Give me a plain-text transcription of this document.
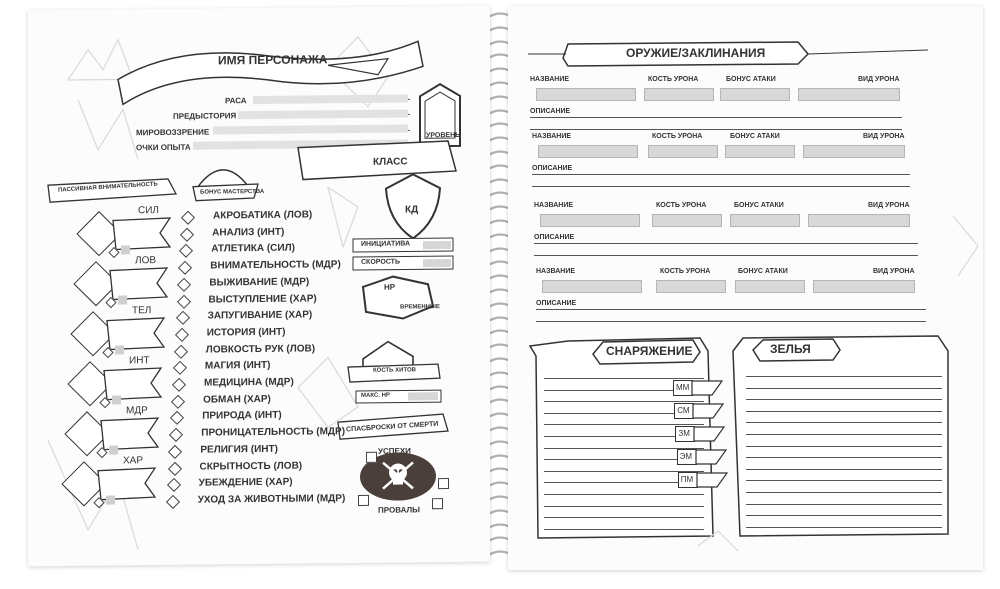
ИМЯ ПЕРСОНАЖА
РАСА
ПРЕДЫСТОРИЯ
МИРОВОЗЗРЕНИЕ
ОЧКИ ОПЫТА
УРОВЕНЬ
КЛАСС
ПАССИВНАЯ ВНИМАТЕЛЬНОСТЬ	БОНУС МАСТЕРСТВА
СИЛ
ЛОВ
ТЕЛ
ИНТ
МДР
ХАР
АКРОБАТИКА (ЛОВ)
АНАЛИЗ (ИНТ)
АТЛЕТИКА (СИЛ)
ВНИМАТЕЛЬНОСТЬ (МДР)
ВЫЖИВАНИЕ (МДР)
ВЫСТУПЛЕНИЕ (ХАР)
ЗАПУГИВАНИЕ (ХАР)
ИСТОРИЯ (ИНТ)
ЛОВКОСТЬ РУК (ЛОВ)
МАГИЯ (ИНТ)
МЕДИЦИНА (МДР)
ОБМАН (ХАР)
ПРИРОДА (ИНТ)
ПРОНИЦАТЕЛЬНОСТЬ (МДР)
РЕЛИГИЯ (ИНТ)
СКРЫТНОСТЬ (ЛОВ)
УБЕЖДЕНИЕ (ХАР)
УХОД ЗА ЖИВОТНЫМИ (МДР)
КД
ИНИЦИАТИВА
СКОРОСТЬ
HP
ВРЕМЕННЫЕ
КОСТЬ ХИТОВ
МАКС. HP
СПАСБРОСКИ ОТ СМЕРТИ
УСПЕХИ
ПРОВАЛЫ
ОРУЖИЕ/ЗАКЛИНАНИЯ
НАЗВАНИЕ	КОСТЬ УРОНА	БОНУС АТАКИ	ВИД УРОНА
ОПИСАНИЕ
НАЗВАНИЕ	КОСТЬ УРОНА	БОНУС АТАКИ	ВИД УРОНА
ОПИСАНИЕ
НАЗВАНИЕ	КОСТЬ УРОНА	БОНУС АТАКИ	ВИД УРОНА
ОПИСАНИЕ
НАЗВАНИЕ	КОСТЬ УРОНА	БОНУС АТАКИ	ВИД УРОНА
ОПИСАНИЕ
СНАРЯЖЕНИЕ	ЗЕЛЬЯ
ММ
СМ
ЗМ
ЭМ
ПМ
